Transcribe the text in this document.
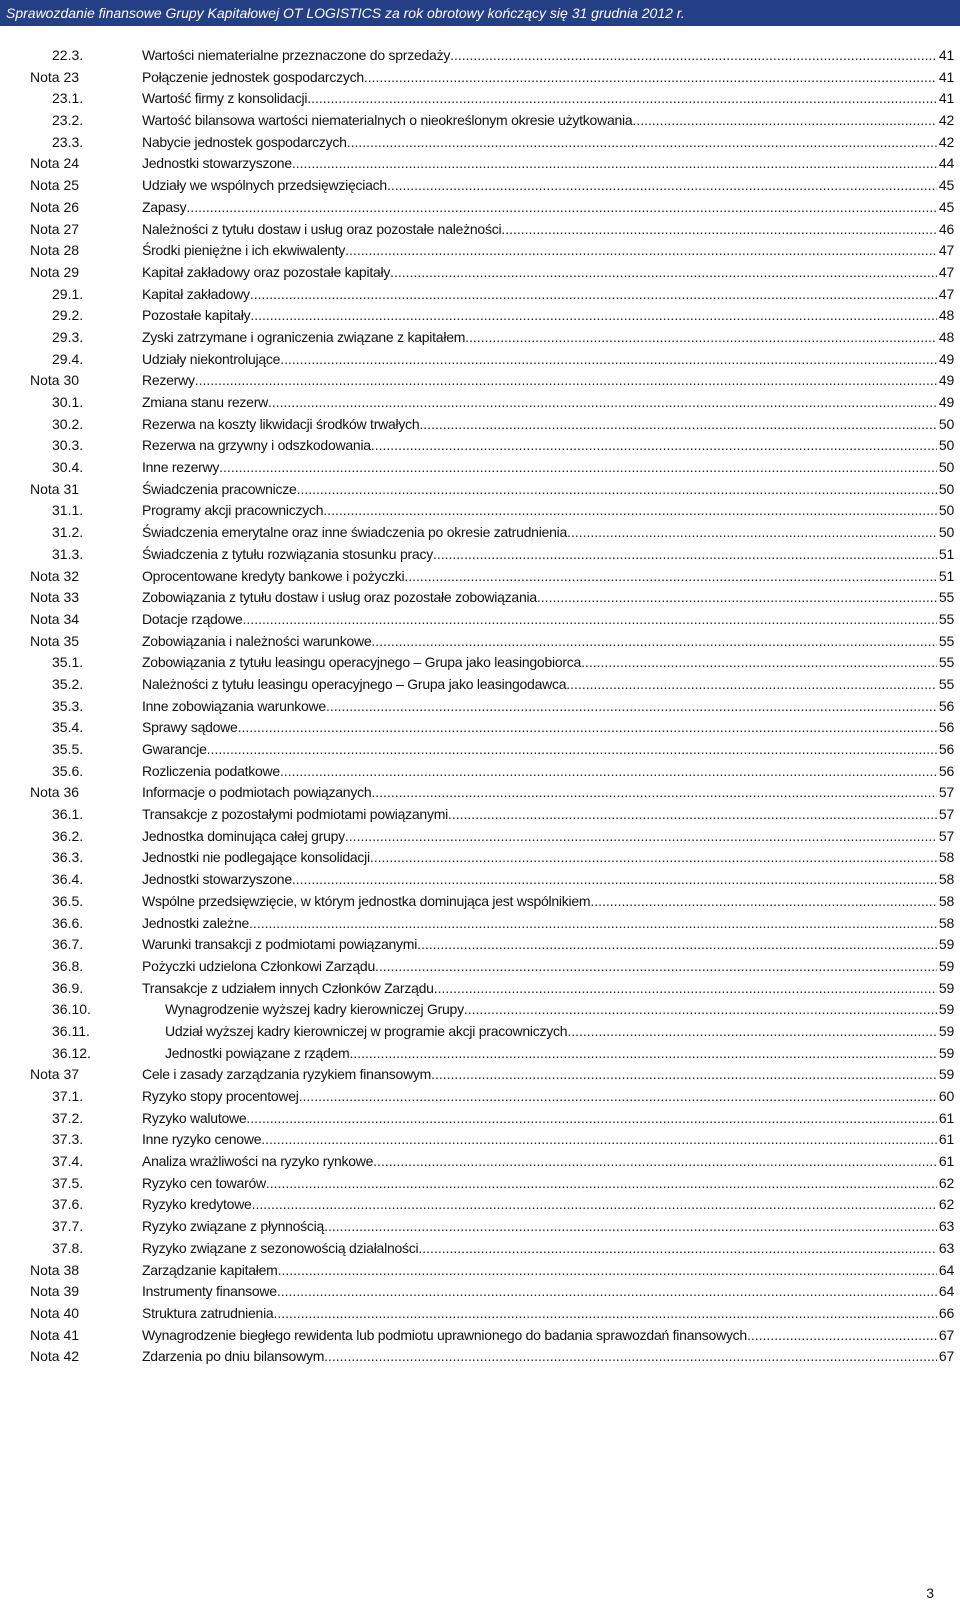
Sprawozdanie finansowe Grupy Kapitałowej OT LOGISTICS za rok obrotowy kończący się 31 grudnia 2012 r.
22.3.	Wartości niematerialne przeznaczone do sprzedaży .....	41
Nota 23	Połączenie jednostek gospodarczych .....	41
23.1.	Wartość firmy z konsolidacji .....	41
23.2.	Wartość bilansowa wartości niematerialnych o nieokreślonym okresie użytkowania .....	42
23.3.	Nabycie jednostek gospodarczych .....	42
Nota 24	Jednostki stowarzyszone .....	44
Nota 25	Udziały we wspólnych przedsięwzięciach .....	45
Nota 26	Zapasy .....	45
Nota 27	Należności z tytułu dostaw i usług oraz pozostałe należności .....	46
Nota 28	Środki pieniężne i ich ekwiwalenty .....	47
Nota 29	Kapitał zakładowy oraz pozostałe kapitały .....	47
29.1.	Kapitał zakładowy .....	47
29.2.	Pozostałe kapitały .....	48
29.3.	Zyski zatrzymane i ograniczenia związane z kapitałem .....	48
29.4.	Udziały niekontrolujące .....	49
Nota 30	Rezerwy .....	49
30.1.	Zmiana stanu rezerw .....	49
30.2.	Rezerwa na koszty likwidacji środków trwałych .....	50
30.3.	Rezerwa na grzywny i odszkodowania .....	50
30.4.	Inne rezerwy .....	50
Nota 31	Świadczenia pracownicze .....	50
31.1.	Programy akcji pracowniczych .....	50
31.2.	Świadczenia emerytalne oraz inne świadczenia po okresie zatrudnienia .....	50
31.3.	Świadczenia z tytułu rozwiązania stosunku pracy .....	51
Nota 32	Oprocentowane kredyty bankowe i pożyczki .....	51
Nota 33	Zobowiązania z tytułu dostaw i usług oraz pozostałe zobowiązania .....	55
Nota 34	Dotacje rządowe .....	55
Nota 35	Zobowiązania i należności warunkowe .....	55
35.1.	Zobowiązania z tytułu leasingu operacyjnego – Grupa jako leasingobiorca .....	55
35.2.	Należności z tytułu leasingu operacyjnego – Grupa jako leasingodawca .....	55
35.3.	Inne zobowiązania warunkowe .....	56
35.4.	Sprawy sądowe .....	56
35.5.	Gwarancje .....	56
35.6.	Rozliczenia podatkowe .....	56
Nota 36	Informacje o podmiotach powiązanych .....	57
36.1.	Transakcje z pozostałymi podmiotami powiązanymi .....	57
36.2.	Jednostka dominująca całej grupy .....	57
36.3.	Jednostki nie podlegające konsolidacji .....	58
36.4.	Jednostki stowarzyszone .....	58
36.5.	Wspólne przedsięwzięcie, w którym jednostka dominująca jest wspólnikiem .....	58
36.6.	Jednostki zależne .....	58
36.7.	Warunki transakcji z podmiotami powiązanymi .....	59
36.8.	Pożyczki udzielona Członkowi Zarządu .....	59
36.9.	Transakcje z udziałem innych Członków Zarządu .....	59
36.10.	Wynagrodzenie wyższej kadry kierowniczej Grupy .....	59
36.11.	Udział wyższej kadry kierowniczej w programie akcji pracowniczych .....	59
36.12.	Jednostki powiązane z rządem .....	59
Nota 37	Cele i zasady zarządzania ryzykiem finansowym .....	59
37.1.	Ryzyko stopy procentowej .....	60
37.2.	Ryzyko walutowe .....	61
37.3.	Inne ryzyko cenowe .....	61
37.4.	Analiza wrażliwości na ryzyko rynkowe .....	61
37.5.	Ryzyko cen towarów .....	62
37.6.	Ryzyko kredytowe .....	62
37.7.	Ryzyko związane z płynnością .....	63
37.8.	Ryzyko związane z sezonowością działalności .....	63
Nota 38	Zarządzanie kapitałem .....	64
Nota 39	Instrumenty finansowe .....	64
Nota 40	Struktura zatrudnienia .....	66
Nota 41	Wynagrodzenie biegłego rewidenta lub podmiotu uprawnionego do badania sprawozdań finansowych .....	67
Nota 42	Zdarzenia po dniu bilansowym .....	67
3
